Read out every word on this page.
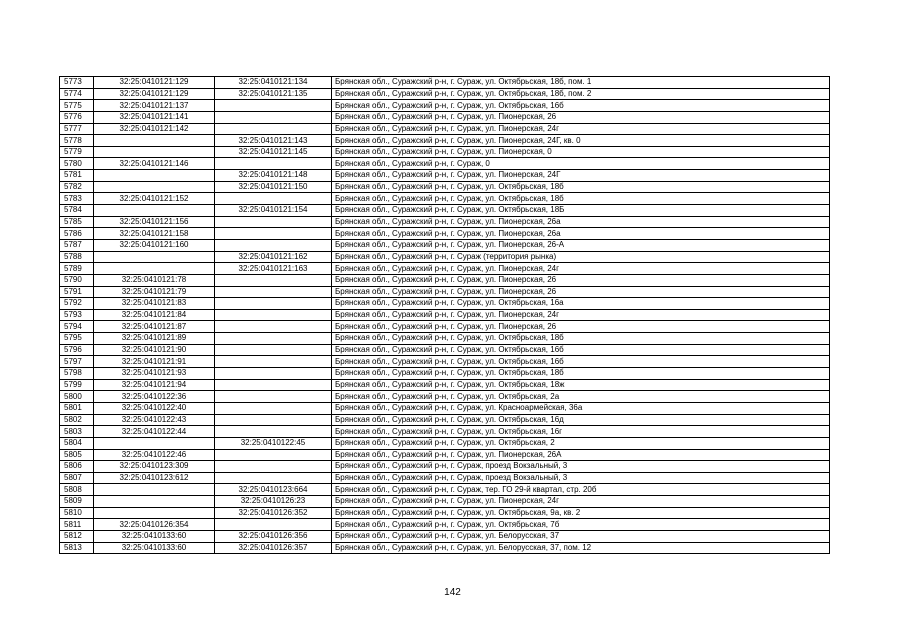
5773	32:25:0410121:129	32:25:0410121:134	Брянская обл., Суражский р-н, г. Сураж, ул. Октябрьская, 18б, пом. 1
5774	32:25:0410121:129	32:25:0410121:135	Брянская обл., Суражский р-н, г. Сураж, ул. Октябрьская, 18б, пом. 2
5775	32:25:0410121:137		Брянская обл., Суражский р-н, г. Сураж, ул. Октябрьская, 16б
5776	32:25:0410121:141		Брянская обл., Суражский р-н, г. Сураж, ул. Пионерская, 26
5777	32:25:0410121:142		Брянская обл., Суражский р-н, г. Сураж, ул. Пионерская, 24г
5778		32:25:0410121:143	Брянская обл., Суражский р-н, г. Сураж, ул. Пионерская, 24Г, кв. 0
5779		32:25:0410121:145	Брянская обл., Суражский р-н, г. Сураж, ул. Пионерская, 0
5780	32:25:0410121:146		Брянская обл., Суражский р-н, г. Сураж, 0
5781		32:25:0410121:148	Брянская обл., Суражский р-н, г. Сураж, ул. Пионерская, 24Г
5782		32:25:0410121:150	Брянская обл., Суражский р-н, г. Сураж, ул. Октябрьская, 18б
5783	32:25:0410121:152		Брянская обл., Суражский р-н, г. Сураж, ул. Октябрьская, 18б
5784		32:25:0410121:154	Брянская обл., Суражский р-н, г. Сураж, ул. Октябрьская, 18Б
5785	32:25:0410121:156		Брянская обл., Суражский р-н, г. Сураж, ул. Пионерская, 26а
5786	32:25:0410121:158		Брянская обл., Суражский р-н, г. Сураж, ул. Пионерская, 26а
5787	32:25:0410121:160		Брянская обл., Суражский р-н, г. Сураж, ул. Пионерская, 26-А
5788		32:25:0410121:162	Брянская обл., Суражский р-н, г. Сураж (территория рынка)
5789		32:25:0410121:163	Брянская обл., Суражский р-н, г. Сураж, ул. Пионерская, 24г
5790	32:25:0410121:78		Брянская обл., Суражский р-н, г. Сураж, ул. Пионерская, 26
5791	32:25:0410121:79		Брянская обл., Суражский р-н, г. Сураж, ул. Пионерская, 26
5792	32:25:0410121:83		Брянская обл., Суражский р-н, г. Сураж, ул. Октябрьская, 16а
5793	32:25:0410121:84		Брянская обл., Суражский р-н, г. Сураж, ул. Пионерская, 24г
5794	32:25:0410121:87		Брянская обл., Суражский р-н, г. Сураж, ул. Пионерская, 26
5795	32:25:0410121:89		Брянская обл., Суражский р-н, г. Сураж, ул. Октябрьская, 18б
5796	32:25:0410121:90		Брянская обл., Суражский р-н, г. Сураж, ул. Октябрьская, 16б
5797	32:25:0410121:91		Брянская обл., Суражский р-н, г. Сураж, ул. Октябрьская, 16б
5798	32:25:0410121:93		Брянская обл., Суражский р-н, г. Сураж, ул. Октябрьская, 18б
5799	32:25:0410121:94		Брянская обл., Суражский р-н, г. Сураж, ул. Октябрьская, 18ж
5800	32:25:0410122:36		Брянская обл., Суражский р-н, г. Сураж, ул. Октябрьская, 2а
5801	32:25:0410122:40		Брянская обл., Суражский р-н, г. Сураж, ул. Красноармейская, 36а
5802	32:25:0410122:43		Брянская обл., Суражский р-н, г. Сураж, ул. Октябрьская, 16д
5803	32:25:0410122:44		Брянская обл., Суражский р-н, г. Сураж, ул. Октябрьская, 16г
5804		32:25:0410122:45	Брянская обл., Суражский р-н, г. Сураж, ул. Октябрьская, 2
5805	32:25:0410122:46		Брянская обл., Суражский р-н, г. Сураж, ул. Пионерская, 26А
5806	32:25:0410123:309		Брянская обл., Суражский р-н, г. Сураж, проезд Вокзальный, 3
5807	32:25:0410123:612		Брянская обл., Суражский р-н, г. Сураж, проезд Вокзальный, 3
5808		32:25:0410123:664	Брянская обл., Суражский р-н, г. Сураж, тер. ГО 29-й квартал, стр. 20б
5809		32:25:0410126:23	Брянская обл., Суражский р-н, г. Сураж, ул. Пионерская, 24г
5810		32:25:0410126:352	Брянская обл., Суражский р-н, г. Сураж, ул. Октябрьская, 9а, кв. 2
5811	32:25:0410126:354		Брянская обл., Суражский р-н, г. Сураж, ул. Октябрьская, 7б
5812	32:25:0410133:60	32:25:0410126:356	Брянская обл., Суражский р-н, г. Сураж, ул. Белорусская, 37
5813	32:25:0410133:60	32:25:0410126:357	Брянская обл., Суражский р-н, г. Сураж, ул. Белорусская, 37, пом. 12
142
